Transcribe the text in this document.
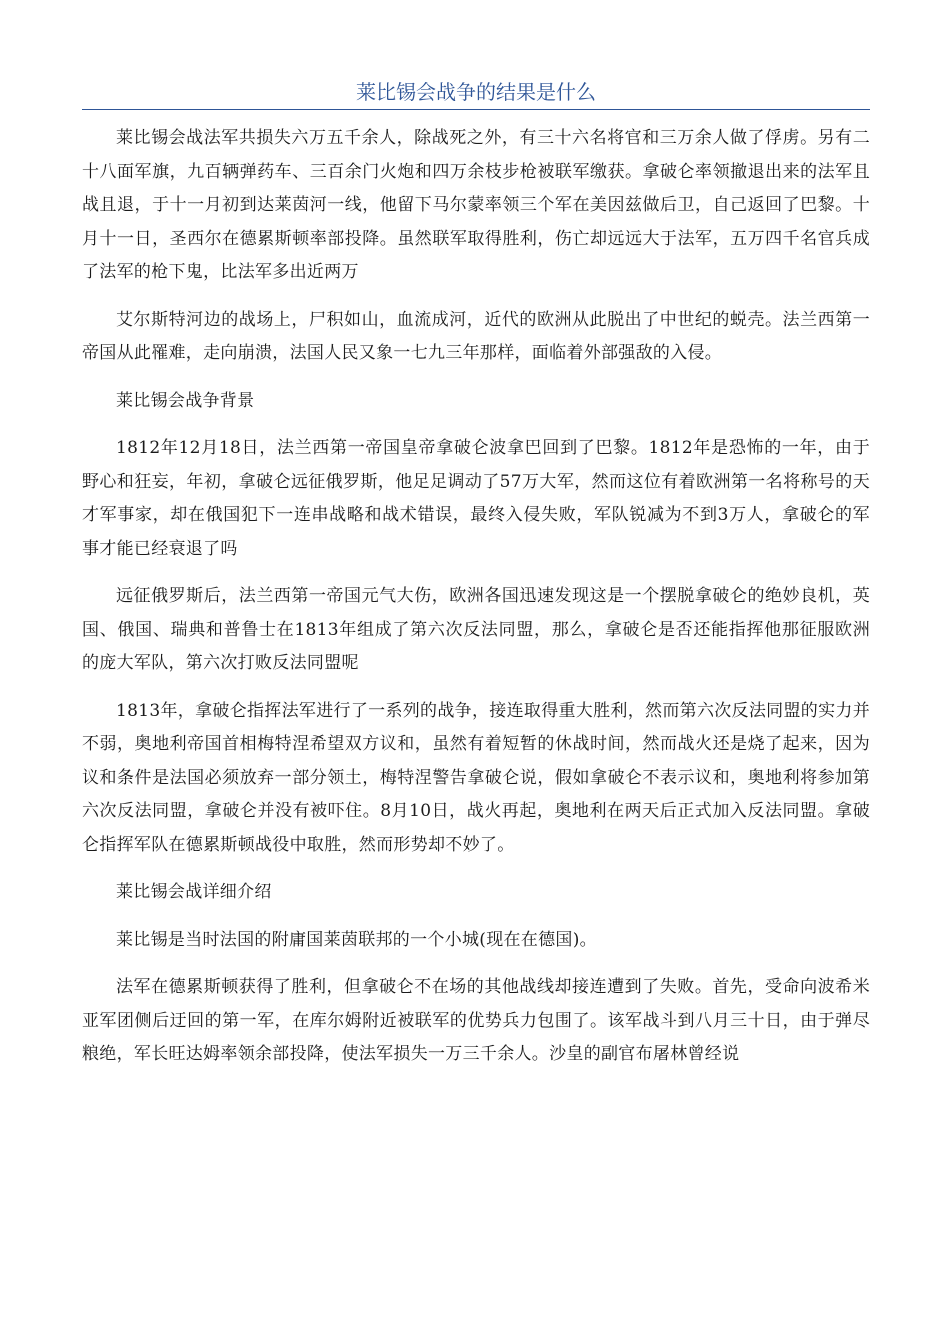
莱比锡会战争的结果是什么

莱比锡会战法军共损失六万五千余人，除战死之外，有三十六名将官和三万余人做了俘虏。另有二十八面军旗，九百辆弹药车、三百余门火炮和四万余枝步枪被联军缴获。拿破仑率领撤退出来的法军且战且退，于十一月初到达莱茵河一线，他留下马尔蒙率领三个军在美因兹做后卫，自己返回了巴黎。十月十一日，圣西尔在德累斯顿率部投降。虽然联军取得胜利，伤亡却远远大于法军，五万四千名官兵成了法军的枪下鬼，比法军多出近两万

艾尔斯特河边的战场上，尸积如山，血流成河，近代的欧洲从此脱出了中世纪的蜕壳。法兰西第一帝国从此罹难，走向崩溃，法国人民又象一七九三年那样，面临着外部强敌的入侵。

莱比锡会战争背景

1812年12月18日，法兰西第一帝国皇帝拿破仑波拿巴回到了巴黎。1812年是恐怖的一年，由于野心和狂妄，年初，拿破仑远征俄罗斯，他足足调动了57万大军，然而这位有着欧洲第一名将称号的天才军事家，却在俄国犯下一连串战略和战术错误，最终入侵失败，军队锐减为不到3万人，拿破仑的军事才能已经衰退了吗

远征俄罗斯后，法兰西第一帝国元气大伤，欧洲各国迅速发现这是一个摆脱拿破仑的绝妙良机，英国、俄国、瑞典和普鲁士在1813年组成了第六次反法同盟，那么，拿破仑是否还能指挥他那征服欧洲的庞大军队，第六次打败反法同盟呢

1813年，拿破仑指挥法军进行了一系列的战争，接连取得重大胜利，然而第六次反法同盟的实力并不弱，奥地利帝国首相梅特涅希望双方议和，虽然有着短暂的休战时间，然而战火还是烧了起来，因为议和条件是法国必须放弃一部分领土，梅特涅警告拿破仑说，假如拿破仑不表示议和，奥地利将参加第六次反法同盟，拿破仑并没有被吓住。8月10日，战火再起，奥地利在两天后正式加入反法同盟。拿破仑指挥军队在德累斯顿战役中取胜，然而形势却不妙了。

莱比锡会战详细介绍

莱比锡是当时法国的附庸国莱茵联邦的一个小城(现在在德国)。

法军在德累斯顿获得了胜利，但拿破仑不在场的其他战线却接连遭到了失败。首先，受命向波希米亚军团侧后迂回的第一军，在库尔姆附近被联军的优势兵力包围了。该军战斗到八月三十日，由于弹尽粮绝，军长旺达姆率领余部投降，使法军损失一万三千余人。沙皇的副官布屠林曾经说
